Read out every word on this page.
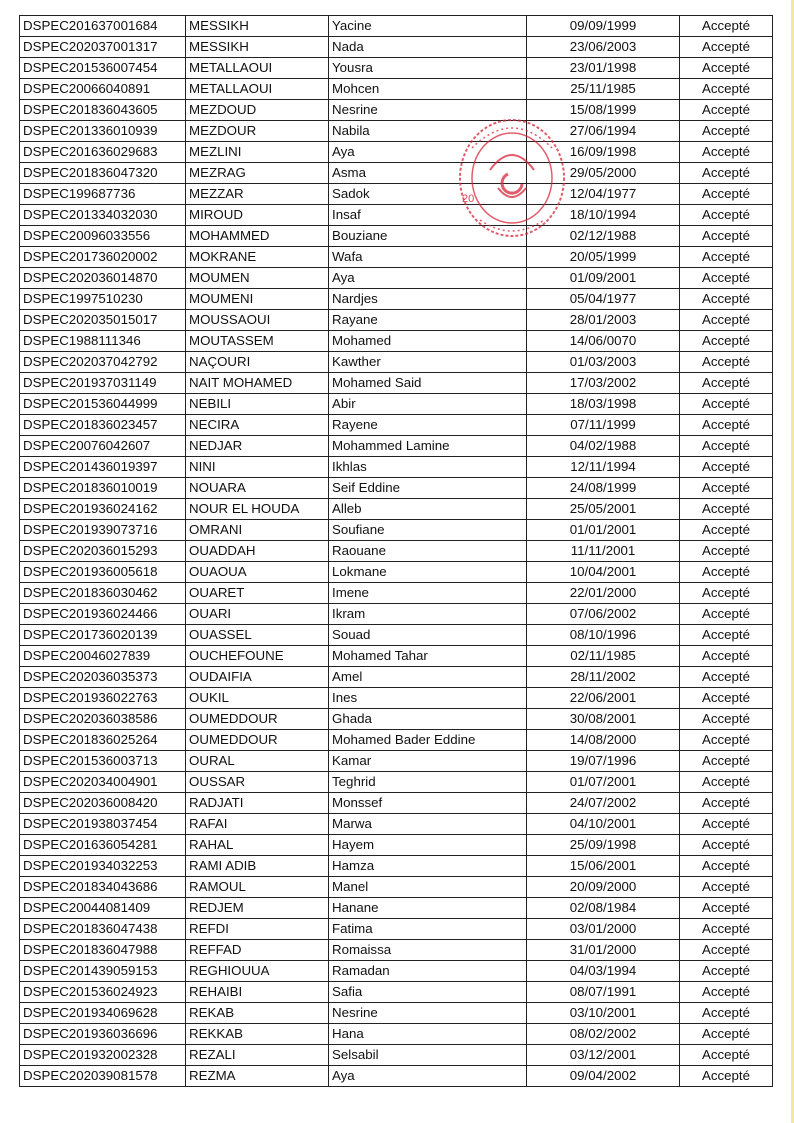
DSPEC201637001684	MESSIKH	Yacine	09/09/1999	Accepté
DSPEC202037001317	MESSIKH	Nada	23/06/2003	Accepté
DSPEC201536007454	METALLAOUI	Yousra	23/01/1998	Accepté
DSPEC20066040891	METALLAOUI	Mohcen	25/11/1985	Accepté
DSPEC201836043605	MEZDOUD	Nesrine	15/08/1999	Accepté
DSPEC201336010939	MEZDOUR	Nabila	27/06/1994	Accepté
DSPEC201636029683	MEZLINI	Aya	16/09/1998	Accepté
DSPEC201836047320	MEZRAG	Asma	29/05/2000	Accepté
DSPEC199687736	MEZZAR	Sadok	12/04/1977	Accepté
DSPEC201334032030	MIROUD	Insaf	18/10/1994	Accepté
DSPEC20096033556	MOHAMMED	Bouziane	02/12/1988	Accepté
DSPEC201736020002	MOKRANE	Wafa	20/05/1999	Accepté
DSPEC202036014870	MOUMEN	Aya	01/09/2001	Accepté
DSPEC1997510230	MOUMENI	Nardjes	05/04/1977	Accepté
DSPEC202035015017	MOUSSAOUI	Rayane	28/01/2003	Accepté
DSPEC1988111346	MOUTASSEM	Mohamed	14/06/0070	Accepté
DSPEC202037042792	NAÇOURI	Kawther	01/03/2003	Accepté
DSPEC201937031149	NAIT MOHAMED	Mohamed Said	17/03/2002	Accepté
DSPEC201536044999	NEBILI	Abir	18/03/1998	Accepté
DSPEC201836023457	NECIRA	Rayene	07/11/1999	Accepté
DSPEC20076042607	NEDJAR	Mohammed Lamine	04/02/1988	Accepté
DSPEC201436019397	NINI	Ikhlas	12/11/1994	Accepté
DSPEC201836010019	NOUARA	Seif Eddine	24/08/1999	Accepté
DSPEC201936024162	NOUR EL HOUDA	Alleb	25/05/2001	Accepté
DSPEC201939073716	OMRANI	Soufiane	01/01/2001	Accepté
DSPEC202036015293	OUADDAH	Raouane	11/11/2001	Accepté
DSPEC201936005618	OUAOUA	Lokmane	10/04/2001	Accepté
DSPEC201836030462	OUARET	Imene	22/01/2000	Accepté
DSPEC201936024466	OUARI	Ikram	07/06/2002	Accepté
DSPEC201736020139	OUASSEL	Souad	08/10/1996	Accepté
DSPEC20046027839	OUCHEFOUNE	Mohamed Tahar	02/11/1985	Accepté
DSPEC202036035373	OUDAIFIA	Amel	28/11/2002	Accepté
DSPEC201936022763	OUKIL	Ines	22/06/2001	Accepté
DSPEC202036038586	OUMEDDOUR	Ghada	30/08/2001	Accepté
DSPEC201836025264	OUMEDDOUR	Mohamed Bader Eddine	14/08/2000	Accepté
DSPEC201536003713	OURAL	Kamar	19/07/1996	Accepté
DSPEC202034004901	OUSSAR	Teghrid	01/07/2001	Accepté
DSPEC202036008420	RADJATI	Monssef	24/07/2002	Accepté
DSPEC201938037454	RAFAI	Marwa	04/10/2001	Accepté
DSPEC201636054281	RAHAL	Hayem	25/09/1998	Accepté
DSPEC201934032253	RAMI ADIB	Hamza	15/06/2001	Accepté
DSPEC201834043686	RAMOUL	Manel	20/09/2000	Accepté
DSPEC20044081409	REDJEM	Hanane	02/08/1984	Accepté
DSPEC201836047438	REFDI	Fatima	03/01/2000	Accepté
DSPEC201836047988	REFFAD	Romaissa	31/01/2000	Accepté
DSPEC201439059153	REGHIOUUA	Ramadan	04/03/1994	Accepté
DSPEC201536024923	REHAIBI	Safia	08/07/1991	Accepté
DSPEC201934069628	REKAB	Nesrine	03/10/2001	Accepté
DSPEC201936036696	REKKAB	Hana	08/02/2002	Accepté
DSPEC201932002328	REZALI	Selsabil	03/12/2001	Accepté
DSPEC202039081578	REZMA	Aya	09/04/2002	Accepté
20
